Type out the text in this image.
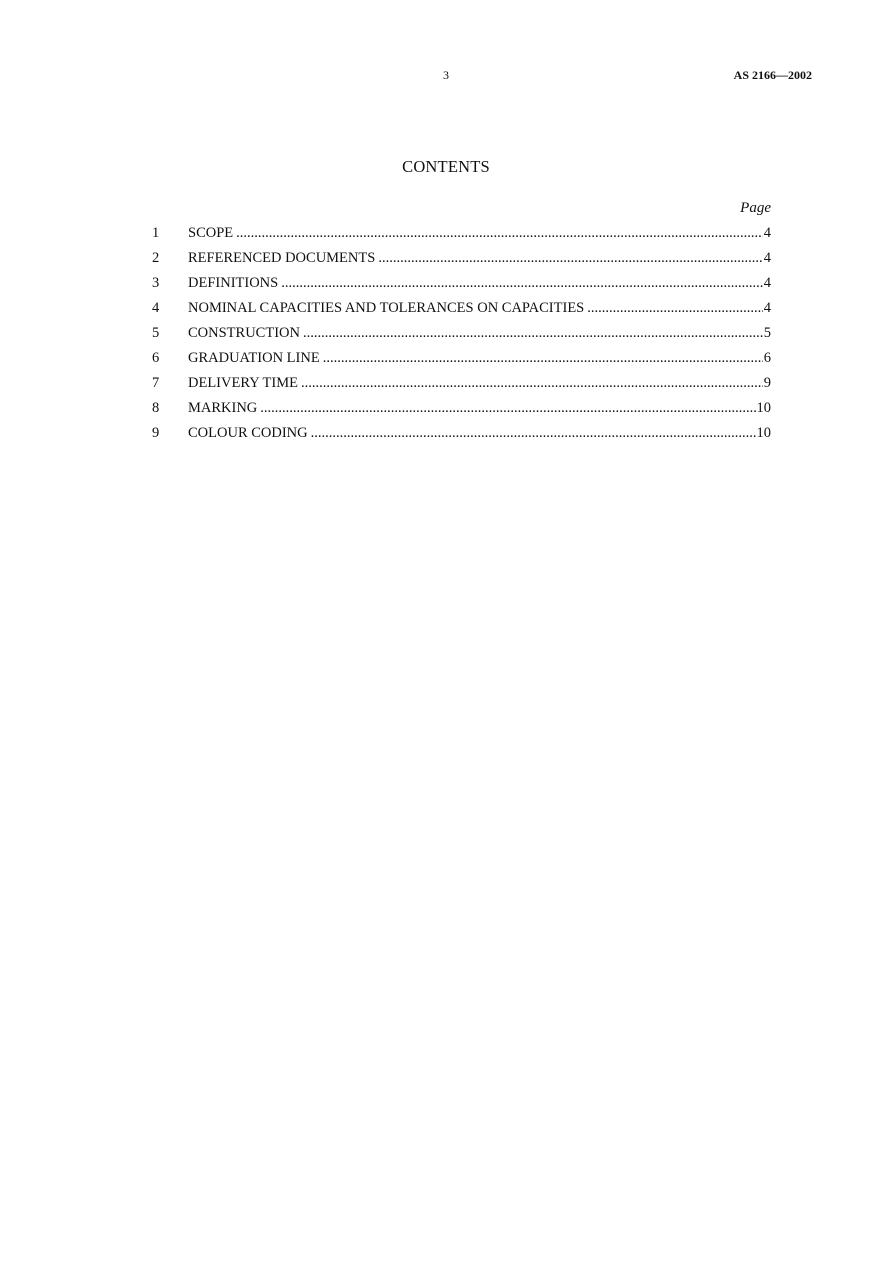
3	AS 2166—2002
CONTENTS
Page
1	SCOPE .....	4
2	REFERENCED DOCUMENTS .....	4
3	DEFINITIONS .....	4
4	NOMINAL CAPACITIES AND TOLERANCES ON CAPACITIES .....	4
5	CONSTRUCTION .....	5
6	GRADUATION LINE .....	6
7	DELIVERY TIME .....	9
8	MARKING .....	10
9	COLOUR CODING .....	10
